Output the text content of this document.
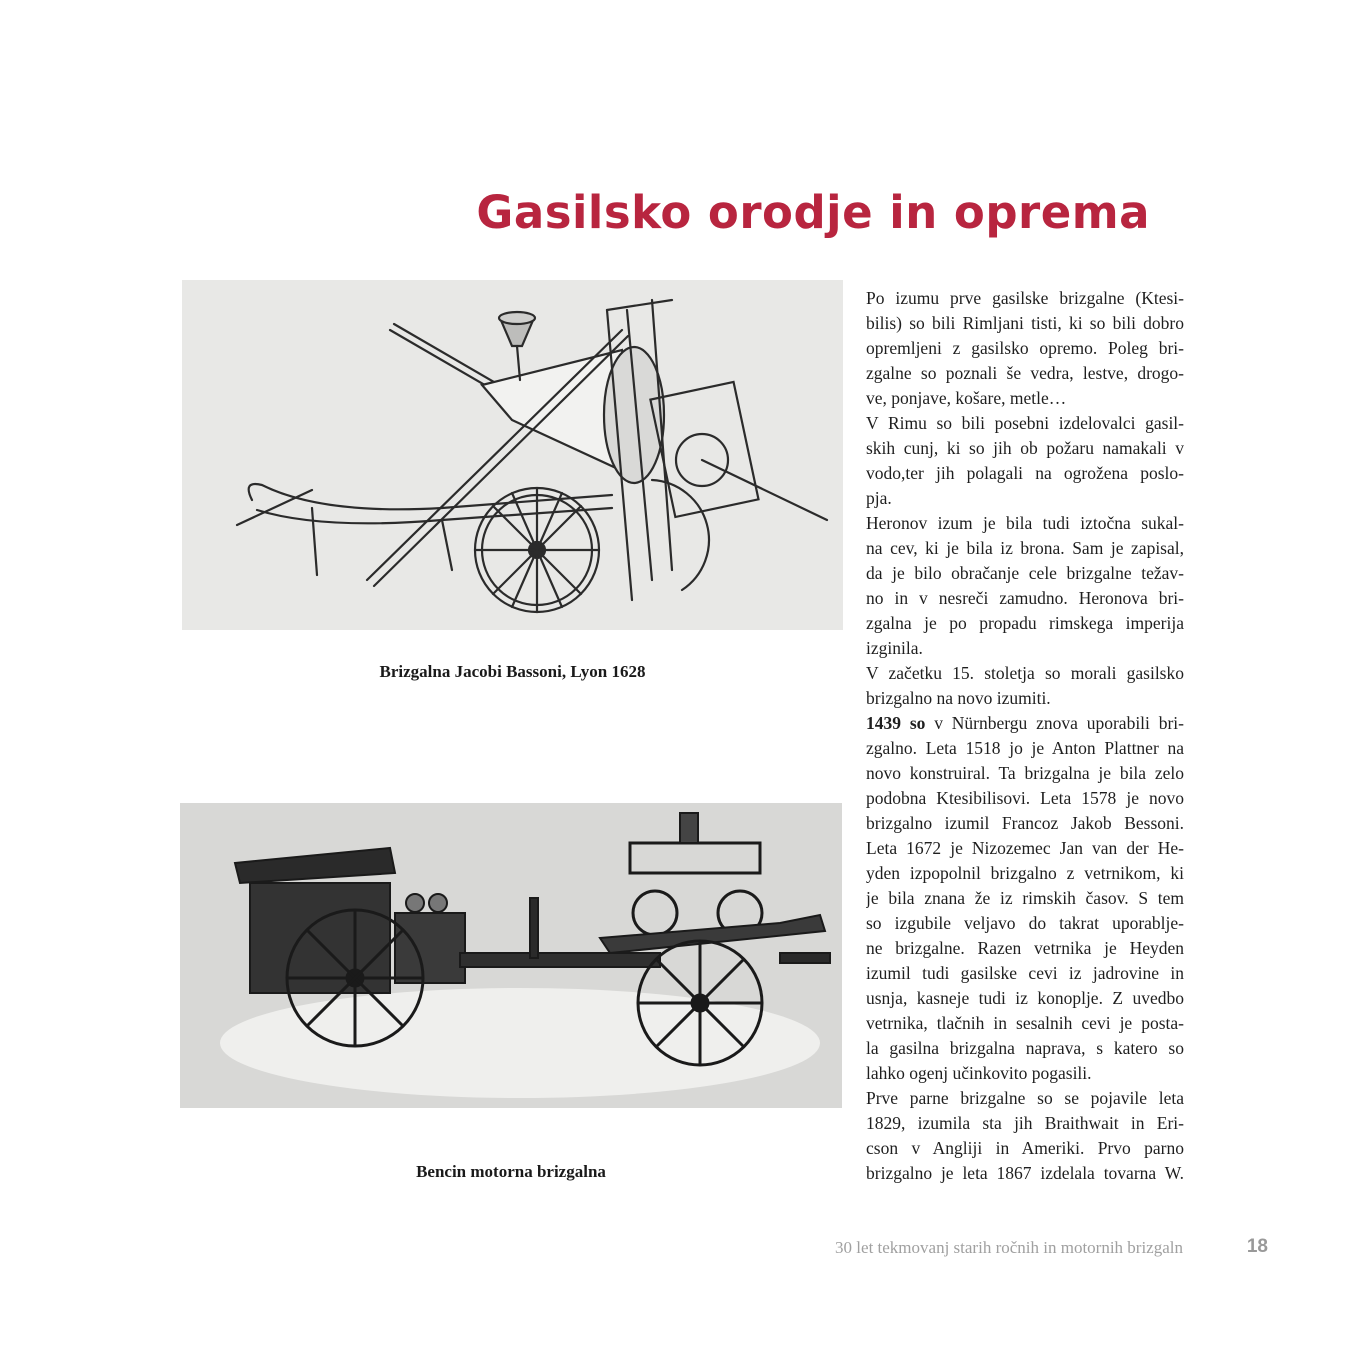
Gasilsko orodje in oprema
Brizgalna Jacobi Bassoni, Lyon 1628
Bencin motorna brizgalna
Po izumu prve gasilske brizgalne (Ktesi-
bilis) so bili Rimljani tisti, ki so bili dobro
opremljeni z gasilsko opremo. Poleg bri-
zgalne so poznali še vedra, lestve, drogo-
ve, ponjave, košare, metle…
V Rimu so bili posebni izdelovalci gasil-
skih cunj, ki so jih ob požaru namakali v
vodo,ter jih polagali na ogrožena poslo-
pja.
Heronov izum je bila tudi iztočna sukal-
na cev, ki je bila iz brona. Sam je zapisal,
da je bilo obračanje cele brizgalne težav-
no in v nesreči zamudno. Heronova bri-
zgalna je po propadu rimskega imperija
izginila.
V začetku 15. stoletja so morali gasilsko
brizgalno na novo izumiti.
1439 so v Nürnbergu znova uporabili bri-
zgalno. Leta 1518 jo je Anton Plattner na
novo konstruiral. Ta brizgalna je bila zelo
podobna Ktesibilisovi. Leta 1578 je novo
brizgalno izumil Francoz Jakob Bessoni.
Leta 1672 je Nizozemec Jan van der He-
yden izpopolnil brizgalno z vetrnikom, ki
je bila znana že iz rimskih časov. S tem
so izgubile veljavo do takrat uporablje-
ne brizgalne. Razen vetrnika je Heyden
izumil tudi gasilske cevi iz jadrovine in
usnja, kasneje tudi iz konoplje. Z uvedbo
vetrnika, tlačnih in sesalnih cevi je posta-
la gasilna brizgalna naprava, s katero so
lahko ogenj učinkovito pogasili.
Prve parne brizgalne so se pojavile leta
1829, izumila sta jih Braithwait in Eri-
cson v Angliji in Ameriki. Prvo parno
brizgalno je leta 1867 izdelala tovarna W.
30 let tekmovanj starih ročnih in motornih brizgaln	18
